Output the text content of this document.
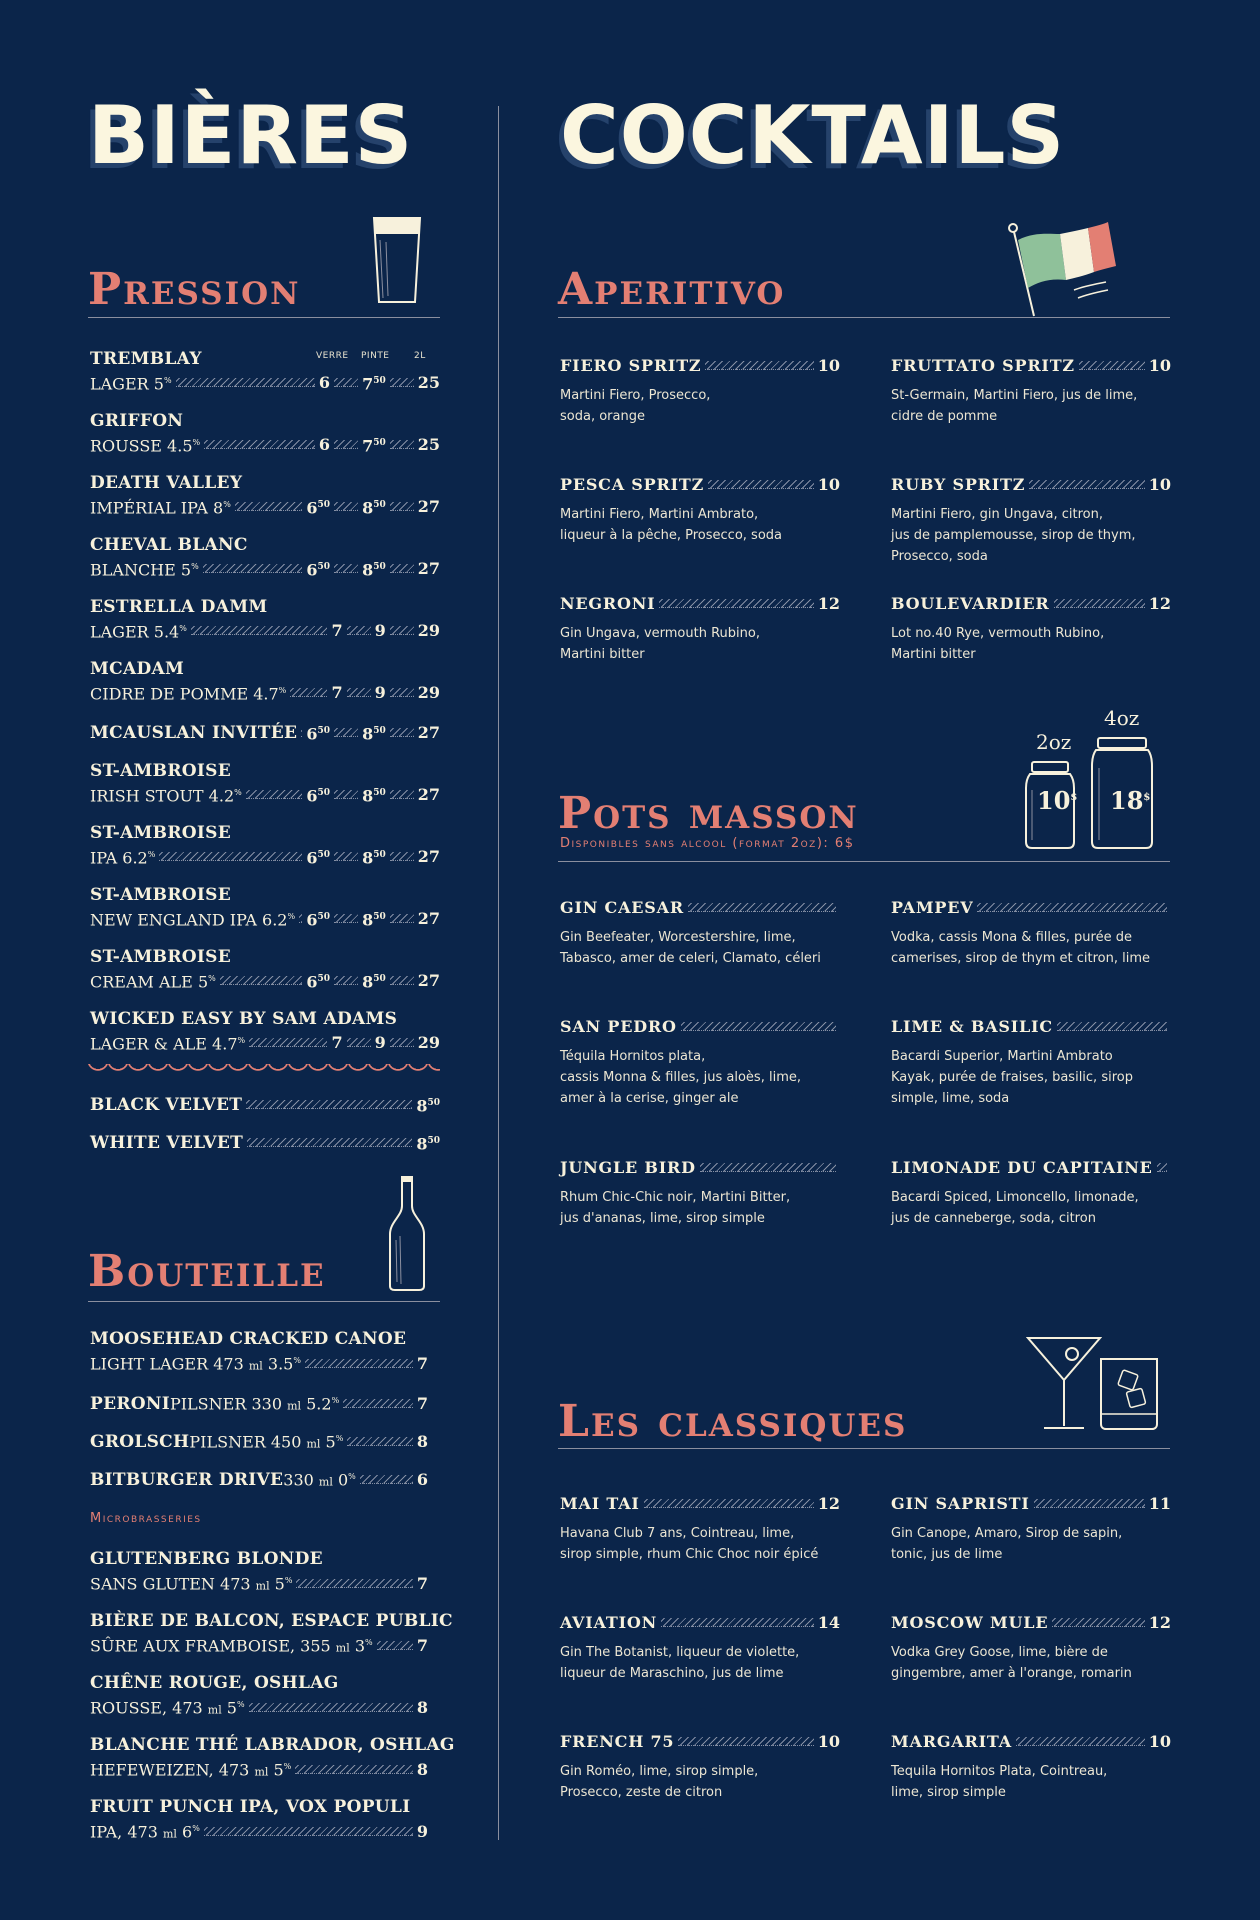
BIÈRES
Pression
VERRE PINTE	2L
TREMBLAY
LAGER 5%	6 $7^{50}$ 25
GRIFFON
ROUSSE 4.5%	6 $7^{50}$ 25
DEATH VALLEY
IMPÉRIAL IPA 8%	$6^{50}$ $8^{50}$ 27
CHEVAL BLANC
BLANCHE 5%	$6^{50}$ $8^{50}$ 27
ESTRELLA DAMM
LAGER 5.4%	7 9 29
MCADAM
CIDRE DE POMME 4.7%	7 9 29
MCAUSLAN INVITÉE $6^{50}$ $8^{50}$ 27
ST-AMBROISE
IRISH STOUT 4.2%	$6^{50}$ $8^{50}$ 27
ST-AMBROISE
IPA 6.2%	$6^{50}$ $8^{50}$ 27
ST-AMBROISE
NEW ENGLAND IPA 6.2% $6^{50}$ $8^{50}$ 27
ST-AMBROISE
CREAM ALE 5%	$6^{50}$ $8^{50}$ 27
WICKED EASY BY SAM ADAMS
LAGER & ALE 4.7%	7 9 29
BLACK VELVET	$8^{50}$
WHITE VELVET	$8^{50}$
Bouteille
MOOSEHEAD CRACKED CANOE
LIGHT LAGER 473 ml 3.5%	7
PERONI PILSNER 330 ml 5.2%	7
GROLSCH PILSNER 450 ml 5%	8
BITBURGER DRIVE 330 ml 0%	6
Microbrasseries
GLUTENBERG BLONDE
SANS GLUTEN 473 ml 5%	7
BIÈRE DE BALCON, ESPACE PUBLIC
SÛRE AUX FRAMBOISE, 355 ml 3%	7
CHÊNE ROUGE, OSHLAG
ROUSSE, 473 ml 5%	8
BLANCHE THÉ LABRADOR, OSHLAG
HEFEWEIZEN, 473 ml 5%	8
FRUIT PUNCH IPA, VOX POPULI
IPA, 473 ml 6%	9
COCKTAILS
Aperitivo
FIERO SPRITZ	10
Martini Fiero, Prosecco,
soda, orange
FRUTTATO SPRITZ	10
St-Germain, Martini Fiero, jus de lime,
cidre de pomme
PESCA SPRITZ	10
Martini Fiero, Martini Ambrato,
liqueur à la pêche, Prosecco, soda
RUBY SPRITZ	10
Martini Fiero, gin Ungava, citron,
jus de pamplemousse, sirop de thym,
Prosecco, soda
NEGRONI	12
Gin Ungava, vermouth Rubino,
Martini bitter
BOULEVARDIER	12
Lot no.40 Rye, vermouth Rubino,
Martini bitter
2oz
4oz
10$ 18$
Pots masson
Disponibles sans alcool (format 2oz): 6$
GIN CAESAR
Gin Beefeater, Worcestershire, lime,
Tabasco, amer de celeri, Clamato, céleri
PAMPEV
Vodka, cassis Mona & filles, purée de
camerises, sirop de thym et citron, lime
SAN PEDRO
Téquila Hornitos plata,
cassis Monna & filles, jus aloès, lime,
amer à la cerise, ginger ale
LIME & BASILIC
Bacardi Superior, Martini Ambrato
Kayak, purée de fraises, basilic, sirop
simple, lime, soda
JUNGLE BIRD
Rhum Chic-Chic noir, Martini Bitter,
jus d'ananas, lime, sirop simple
LIMONADE DU CAPITAINE
Bacardi Spiced, Limoncello, limonade,
jus de canneberge, soda, citron
Les classiques
MAI TAI	12
Havana Club 7 ans, Cointreau, lime,
sirop simple, rhum Chic Choc noir épicé
GIN SAPRISTI	11
Gin Canope, Amaro, Sirop de sapin,
tonic, jus de lime
AVIATION	14
Gin The Botanist, liqueur de violette,
liqueur de Maraschino, jus de lime
MOSCOW MULE	12
Vodka Grey Goose, lime, bière de
gingembre, amer à l'orange, romarin
FRENCH 75	10
Gin Roméo, lime, sirop simple,
Prosecco, zeste de citron
MARGARITA	10
Tequila Hornitos Plata, Cointreau,
lime, sirop simple
